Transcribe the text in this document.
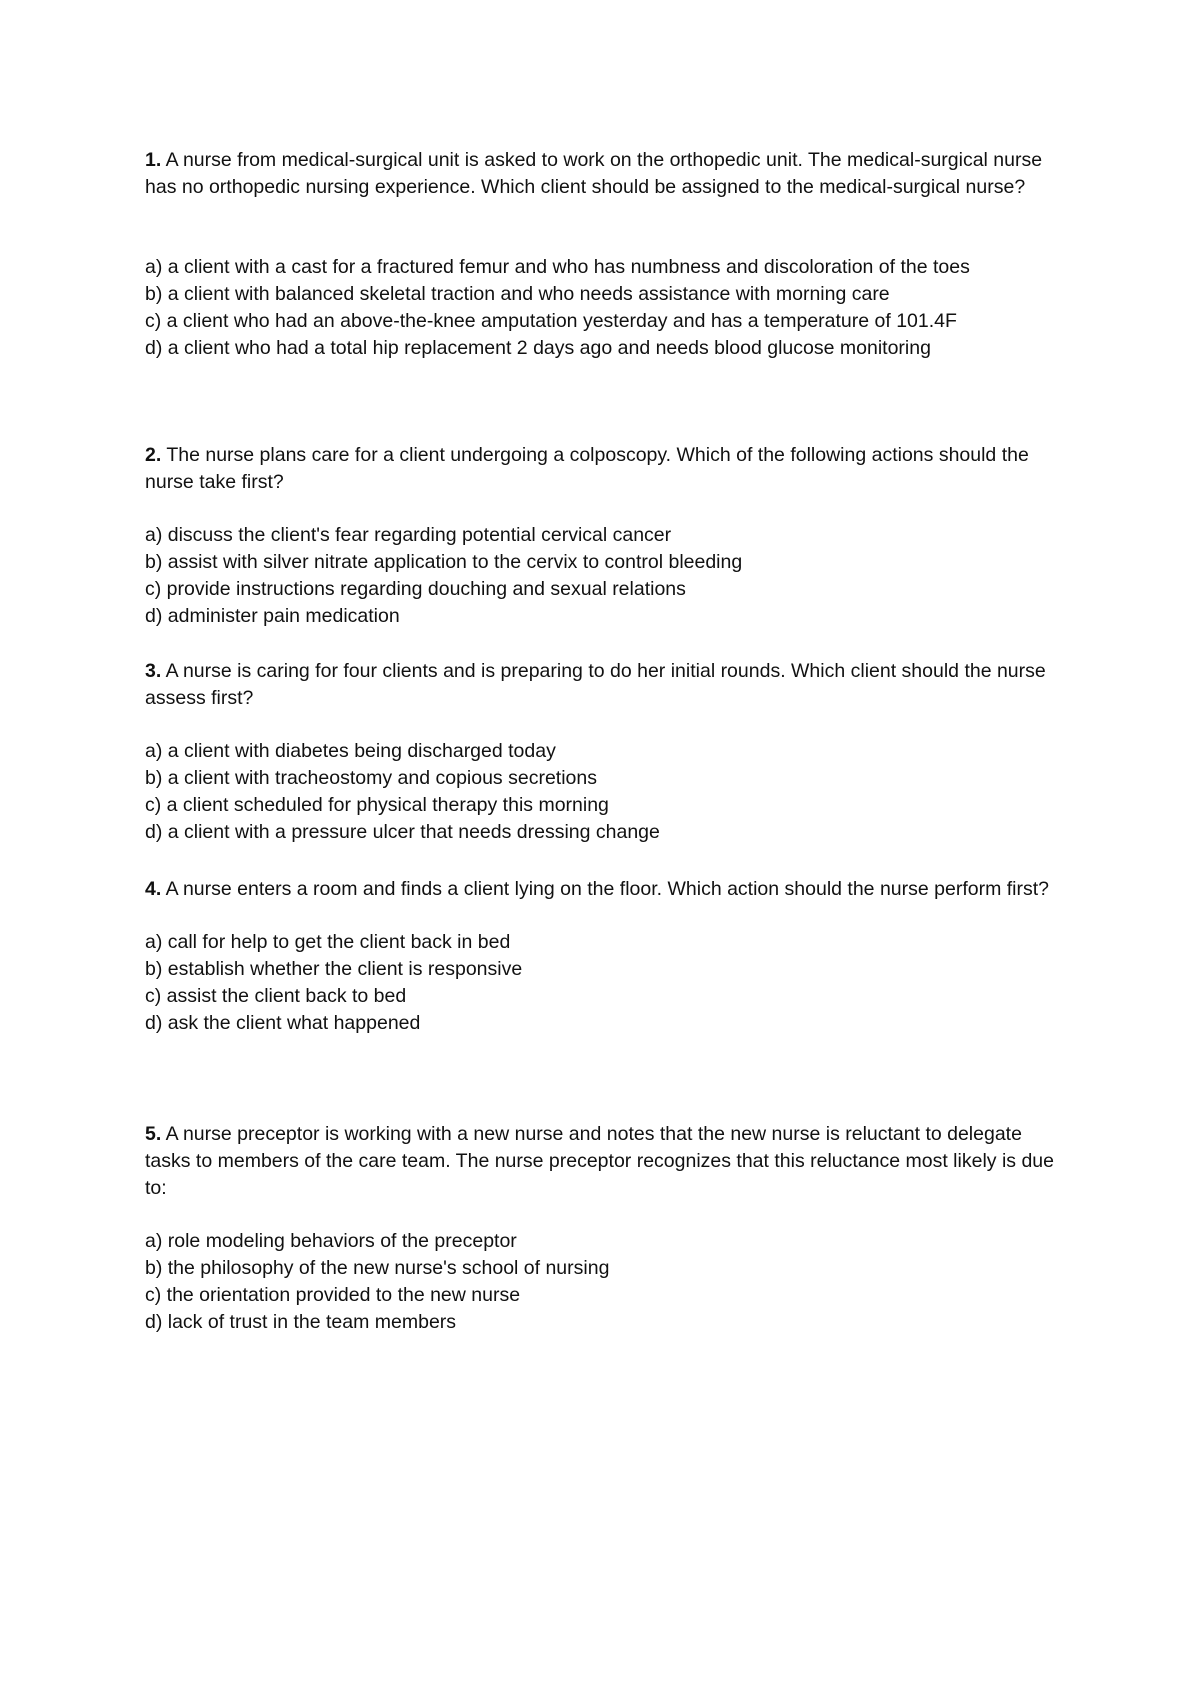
1. A nurse from medical-surgical unit is asked to work on the orthopedic unit. The medical-surgical nurse has no orthopedic nursing experience. Which client should be assigned to the medical-surgical nurse?

a) a client with a cast for a fractured femur and who has numbness and discoloration of the toes
b) a client with balanced skeletal traction and who needs assistance with morning care
c) a client who had an above-the-knee amputation yesterday and has a temperature of 101.4F
d) a client who had a total hip replacement 2 days ago and needs blood glucose monitoring

2. The nurse plans care for a client undergoing a colposcopy. Which of the following actions should the nurse take first?

a) discuss the client's fear regarding potential cervical cancer
b) assist with silver nitrate application to the cervix to control bleeding
c) provide instructions regarding douching and sexual relations
d) administer pain medication

3. A nurse is caring for four clients and is preparing to do her initial rounds. Which client should the nurse assess first?

a) a client with diabetes being discharged today
b) a client with tracheostomy and copious secretions
c) a client scheduled for physical therapy this morning
d) a client with a pressure ulcer that needs dressing change

4. A nurse enters a room and finds a client lying on the floor. Which action should the nurse perform first?

a) call for help to get the client back in bed
b) establish whether the client is responsive
c) assist the client back to bed
d) ask the client what happened

5. A nurse preceptor is working with a new nurse and notes that the new nurse is reluctant to delegate tasks to members of the care team. The nurse preceptor recognizes that this reluctance most likely is due to:

a) role modeling behaviors of the preceptor
b) the philosophy of the new nurse's school of nursing
c) the orientation provided to the new nurse
d) lack of trust in the team members
